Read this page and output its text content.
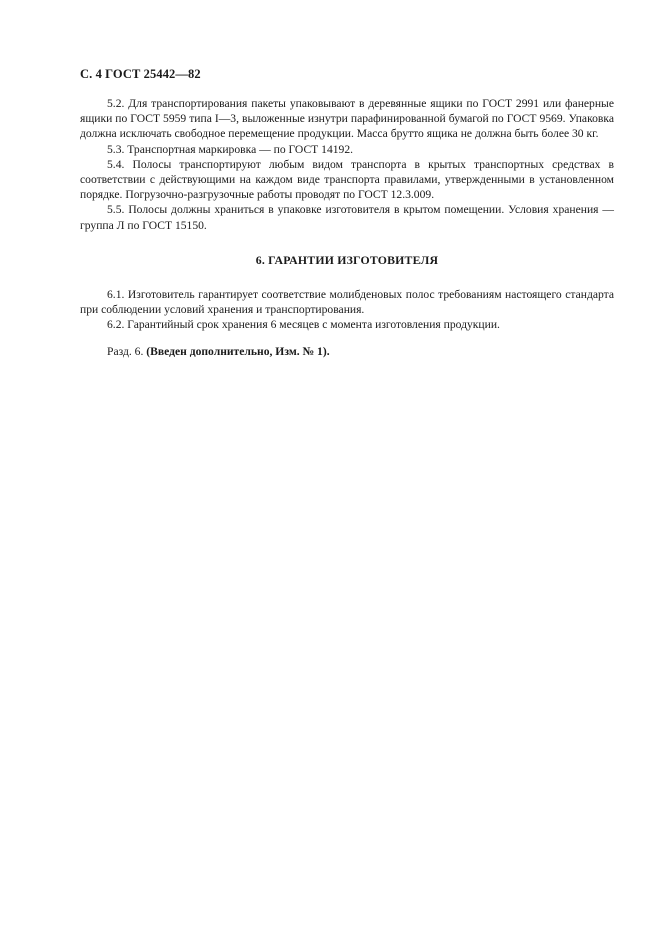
С. 4 ГОСТ 25442—82

5.2. Для транспортирования пакеты упаковывают в деревянные ящики по ГОСТ 2991 или фанерные ящики по ГОСТ 5959 типа I—3, выложенные изнутри парафинированной бумагой по ГОСТ 9569. Упаковка должна исключать свободное перемещение продукции. Масса брутто ящика не должна быть более 30 кг.

5.3. Транспортная маркировка — по ГОСТ 14192.

5.4. Полосы транспортируют любым видом транспорта в крытых транспортных средствах в соответствии с действующими на каждом виде транспорта правилами, утвержденными в установленном порядке. Погрузочно-разгрузочные работы проводят по ГОСТ 12.3.009.

5.5. Полосы должны храниться в упаковке изготовителя в крытом помещении. Условия хранения — группа Л по ГОСТ 15150.

6. ГАРАНТИИ ИЗГОТОВИТЕЛЯ

6.1. Изготовитель гарантирует соответствие молибденовых полос требованиям настоящего стандарта при соблюдении условий хранения и транспортирования.

6.2. Гарантийный срок хранения 6 месяцев с момента изготовления продукции.

Разд. 6. (Введен дополнительно, Изм. № 1).
